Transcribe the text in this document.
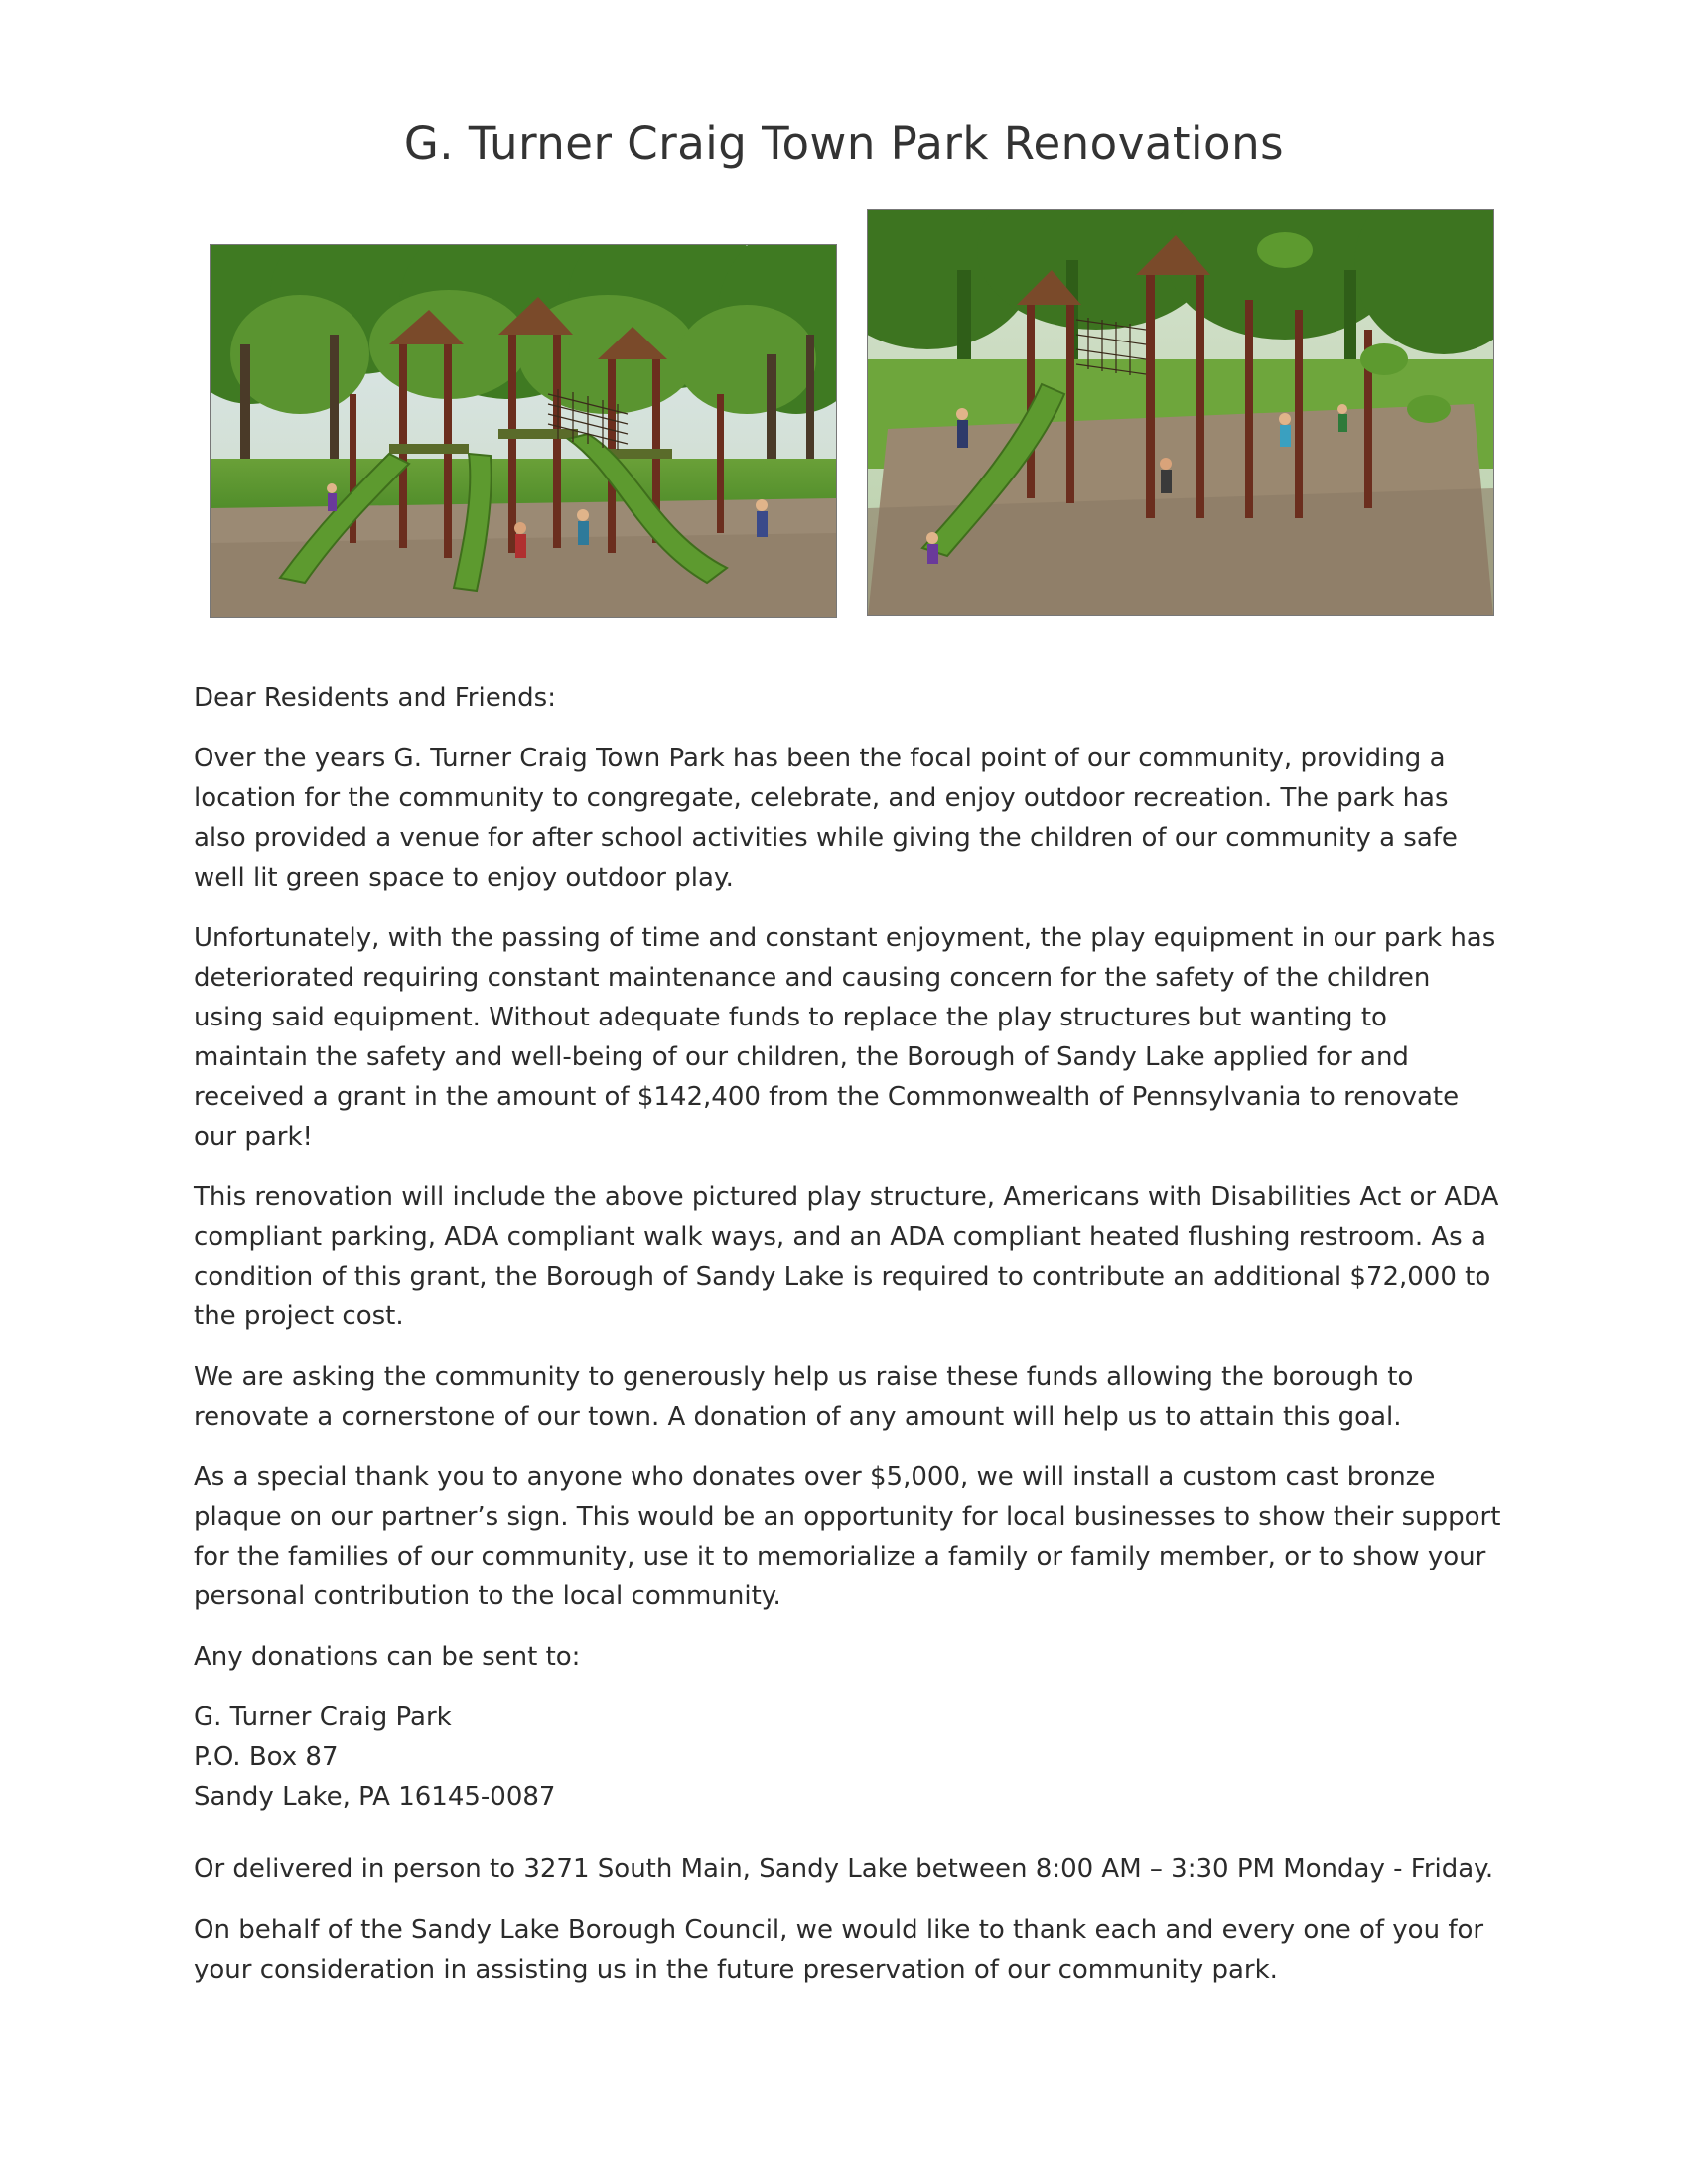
G. Turner Craig Town Park Renovations

Dear Residents and Friends:

Over the years G. Turner Craig Town Park has been the focal point of our community, providing a location for the community to congregate, celebrate, and enjoy outdoor recreation. The park has also provided a venue for after school activities while giving the children of our community a safe well lit green space to enjoy outdoor play.

Unfortunately, with the passing of time and constant enjoyment, the play equipment in our park has deteriorated requiring constant maintenance and causing concern for the safety of the children using said equipment. Without adequate funds to replace the play structures but wanting to maintain the safety and well-being of our children, the Borough of Sandy Lake applied for and received a grant in the amount of $142,400 from the Commonwealth of Pennsylvania to renovate our park!

This renovation will include the above pictured play structure, Americans with Disabilities Act or ADA compliant parking, ADA compliant walk ways, and an ADA compliant heated flushing restroom. As a condition of this grant, the Borough of Sandy Lake is required to contribute an additional $72,000 to the project cost.

We are asking the community to generously help us raise these funds allowing the borough to renovate a cornerstone of our town. A donation of any amount will help us to attain this goal.

As a special thank you to anyone who donates over $5,000, we will install a custom cast bronze plaque on our partner’s sign. This would be an opportunity for local businesses to show their support for the families of our community, use it to memorialize a family or family member, or to show your personal contribution to the local community.

Any donations can be sent to:

G. Turner Craig Park
P.O. Box 87
Sandy Lake, PA 16145-0087

Or delivered in person to 3271 South Main, Sandy Lake between 8:00 AM – 3:30 PM Monday - Friday.

On behalf of the Sandy Lake Borough Council, we would like to thank each and every one of you for your consideration in assisting us in the future preservation of our community park.
